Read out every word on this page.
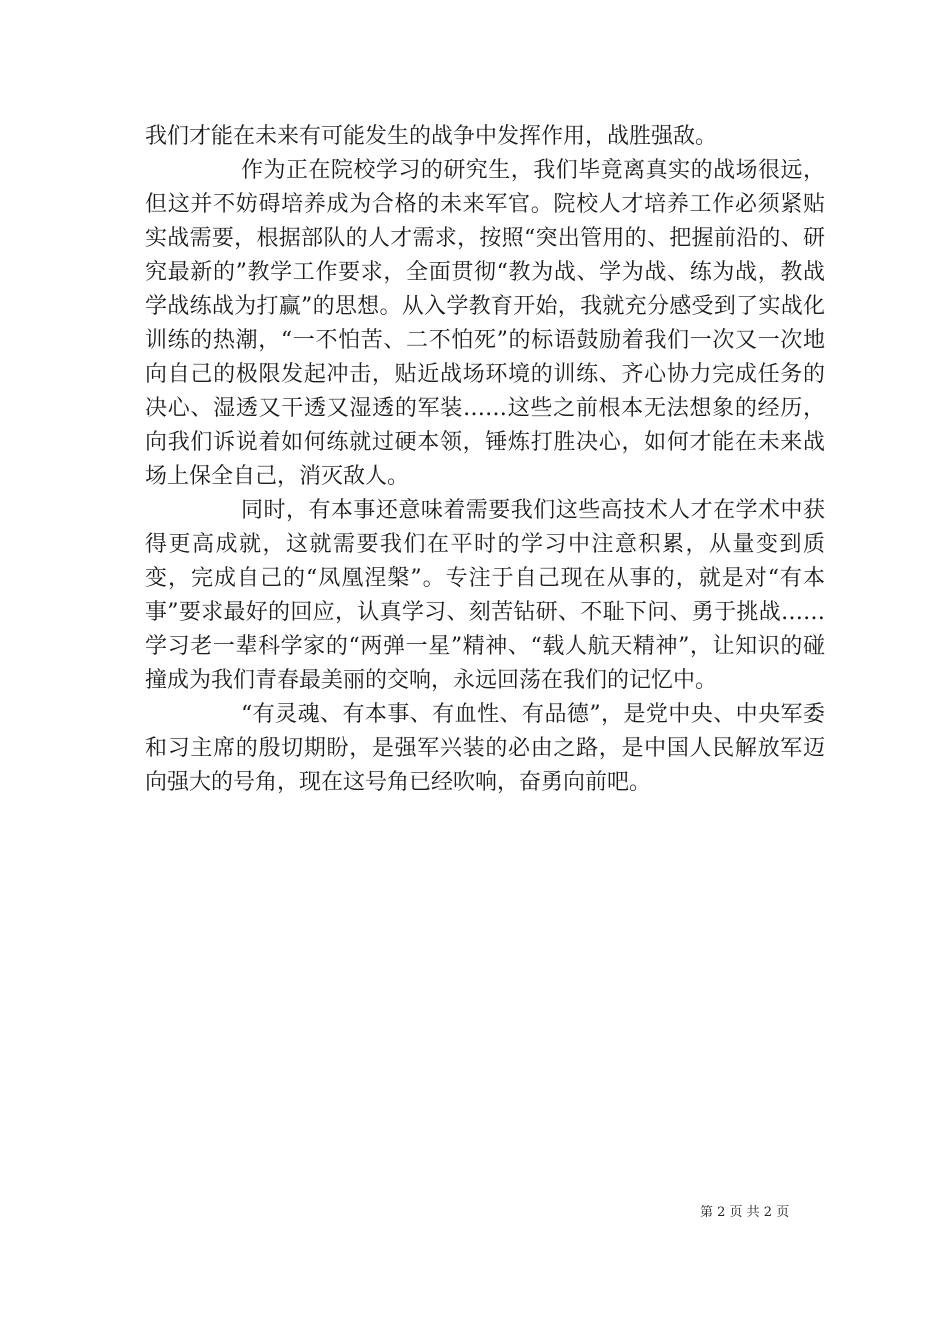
我们才能在未来有可能发生的战争中发挥作用，战胜强敌。

作为正在院校学习的研究生，我们毕竟离真实的战场很远，但这并不妨碍培养成为合格的未来军官。院校人才培养工作必须紧贴实战需要，根据部队的人才需求，按照“突出管用的、把握前沿的、研究最新的”教学工作要求，全面贯彻“教为战、学为战、练为战，教战学战练战为打赢”的思想。从入学教育开始，我就充分感受到了实战化训练的热潮，“一不怕苦、二不怕死”的标语鼓励着我们一次又一次地向自己的极限发起冲击，贴近战场环境的训练、齐心协力完成任务的决心、湿透又干透又湿透的军装……这些之前根本无法想象的经历，向我们诉说着如何练就过硬本领，锤炼打胜决心，如何才能在未来战场上保全自己，消灭敌人。

同时，有本事还意味着需要我们这些高技术人才在学术中获得更高成就，这就需要我们在平时的学习中注意积累，从量变到质变，完成自己的“凤凰涅槃”。专注于自己现在从事的，就是对“有本事”要求最好的回应，认真学习、刻苦钻研、不耻下问、勇于挑战……学习老一辈科学家的“两弹一星”精神、“载人航天精神”，让知识的碰撞成为我们青春最美丽的交响，永远回荡在我们的记忆中。

“有灵魂、有本事、有血性、有品德”，是党中央、中央军委和习主席的殷切期盼，是强军兴装的必由之路，是中国人民解放军迈向强大的号角，现在这号角已经吹响，奋勇向前吧。

第 2 页 共 2 页
